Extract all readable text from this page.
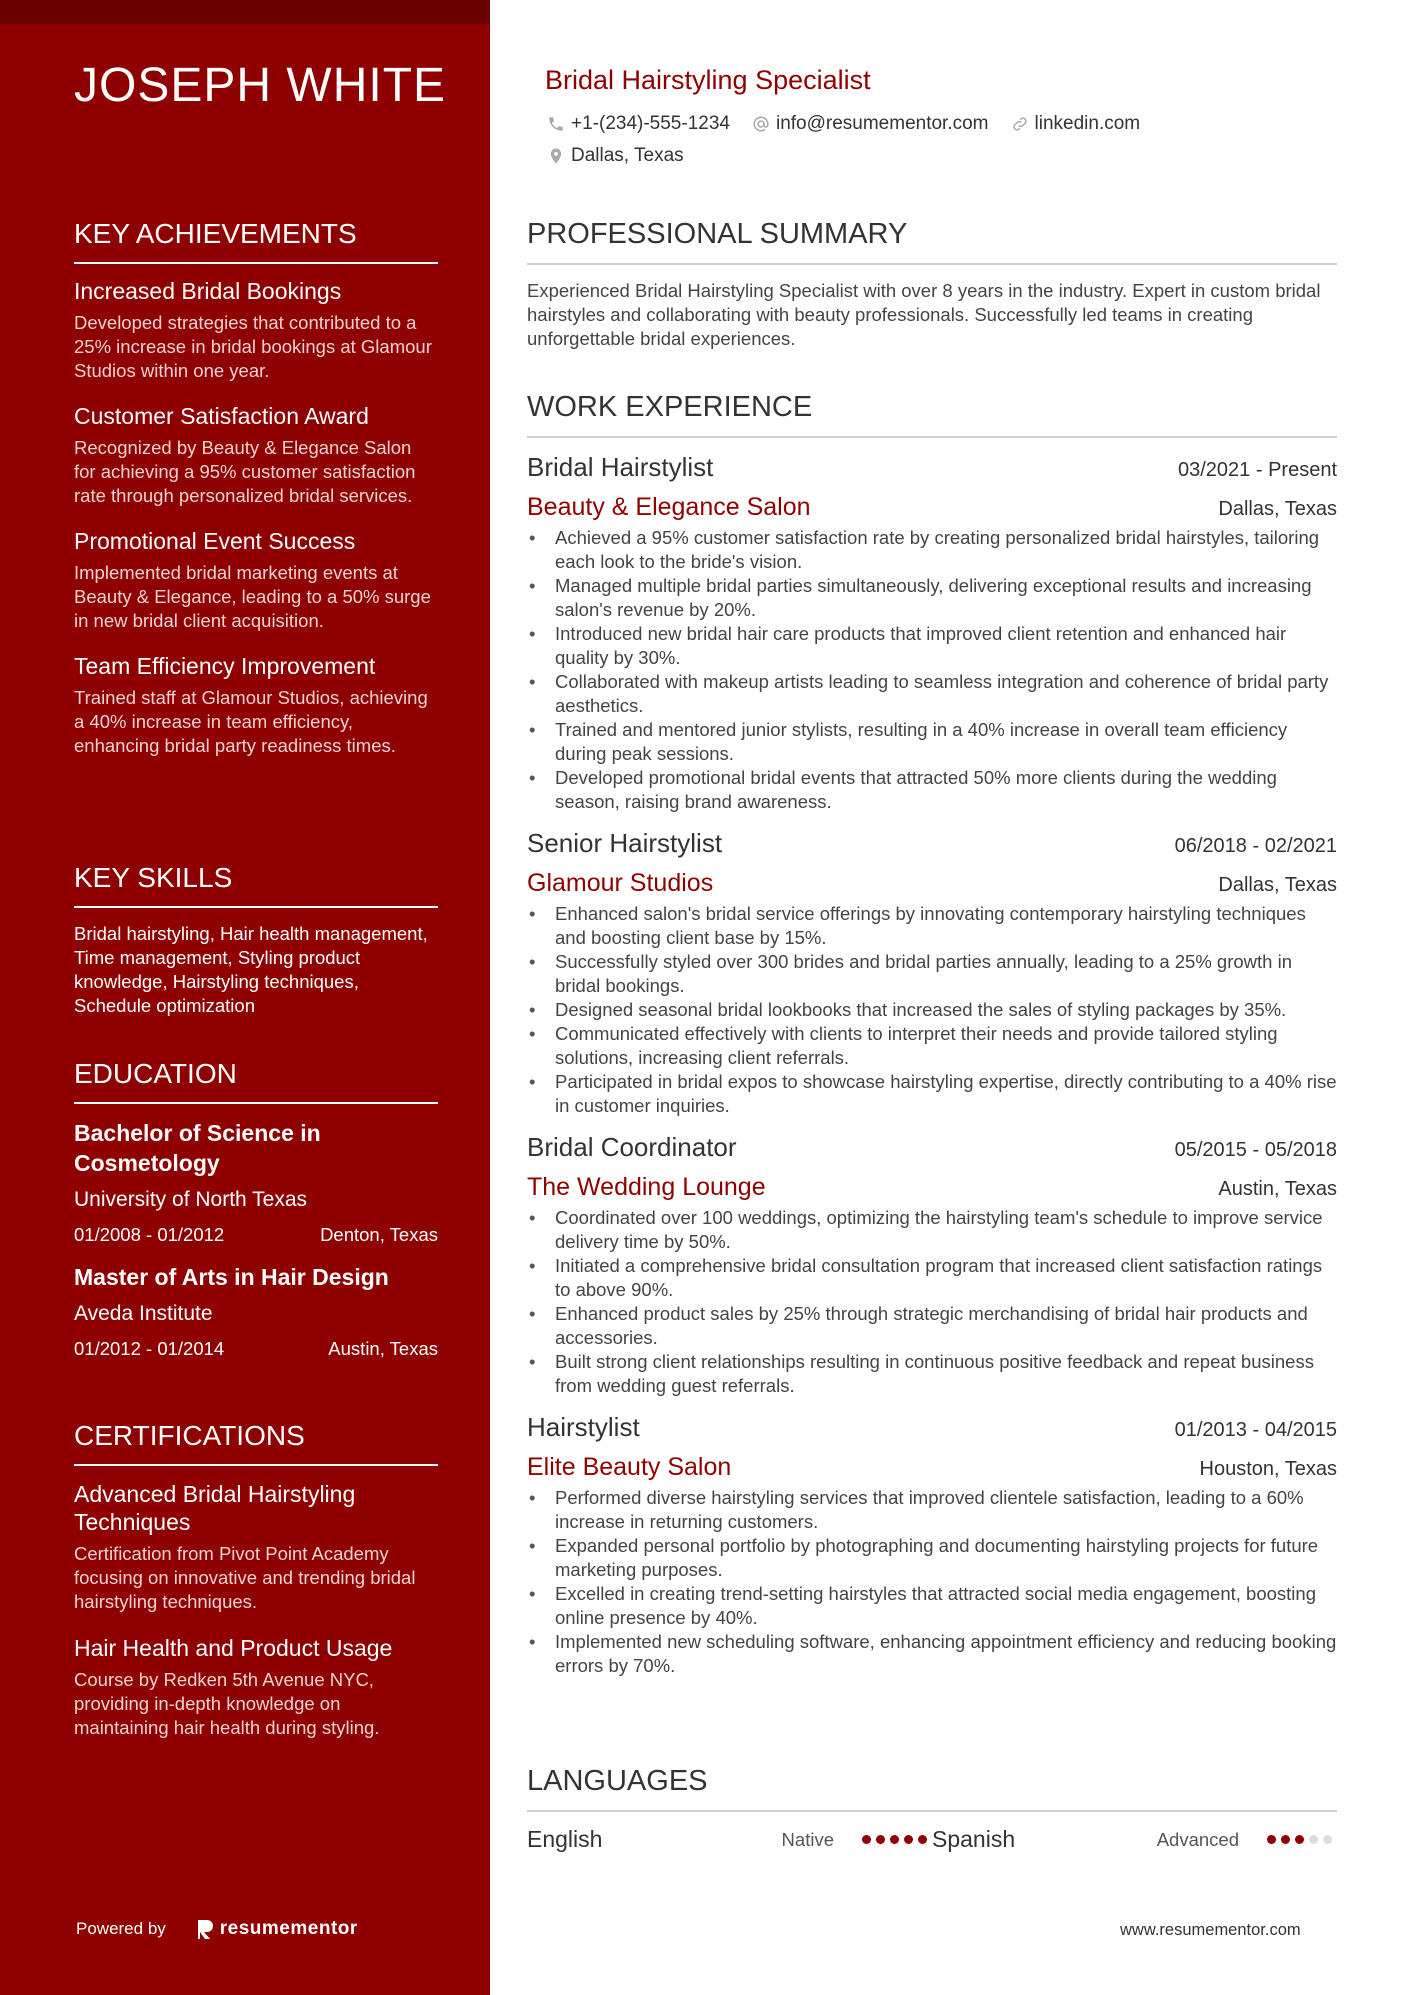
JOSEPH WHITE
KEY ACHIEVEMENTS
Increased Bridal Bookings
Developed strategies that contributed to a 25% increase in bridal bookings at Glamour Studios within one year.
Customer Satisfaction Award
Recognized by Beauty & Elegance Salon for achieving a 95% customer satisfaction rate through personalized bridal services.
Promotional Event Success
Implemented bridal marketing events at Beauty & Elegance, leading to a 50% surge in new bridal client acquisition.
Team Efficiency Improvement
Trained staff at Glamour Studios, achieving a 40% increase in team efficiency, enhancing bridal party readiness times.
KEY SKILLS
Bridal hairstyling, Hair health management, Time management, Styling product knowledge, Hairstyling techniques, Schedule optimization
EDUCATION
Bachelor of Science in Cosmetology
University of North Texas
01/2008 - 01/2012	Denton, Texas
Master of Arts in Hair Design
Aveda Institute
01/2012 - 01/2014	Austin, Texas
CERTIFICATIONS
Advanced Bridal Hairstyling Techniques
Certification from Pivot Point Academy focusing on innovative and trending bridal hairstyling techniques.
Hair Health and Product Usage
Course by Redken 5th Avenue NYC, providing in-depth knowledge on maintaining hair health during styling.
Powered by	resumementor
Bridal Hairstyling Specialist
+1-(234)-555-1234 info@resumementor.com linkedin.com
Dallas, Texas
PROFESSIONAL SUMMARY
Experienced Bridal Hairstyling Specialist with over 8 years in the industry. Expert in custom bridal hairstyles and collaborating with beauty professionals. Successfully led teams in creating unforgettable bridal experiences.
WORK EXPERIENCE
Bridal Hairstylist	03/2021 - Present
Beauty & Elegance Salon	Dallas, Texas
• Achieved a 95% customer satisfaction rate by creating personalized bridal hairstyles, tailoring each look to the bride's vision.
• Managed multiple bridal parties simultaneously, delivering exceptional results and increasing salon's revenue by 20%.
• Introduced new bridal hair care products that improved client retention and enhanced hair quality by 30%.
• Collaborated with makeup artists leading to seamless integration and coherence of bridal party aesthetics.
• Trained and mentored junior stylists, resulting in a 40% increase in overall team efficiency during peak sessions.
• Developed promotional bridal events that attracted 50% more clients during the wedding season, raising brand awareness.
Senior Hairstylist	06/2018 - 02/2021
Glamour Studios	Dallas, Texas
• Enhanced salon's bridal service offerings by innovating contemporary hairstyling techniques and boosting client base by 15%.
• Successfully styled over 300 brides and bridal parties annually, leading to a 25% growth in bridal bookings.
• Designed seasonal bridal lookbooks that increased the sales of styling packages by 35%.
• Communicated effectively with clients to interpret their needs and provide tailored styling solutions, increasing client referrals.
• Participated in bridal expos to showcase hairstyling expertise, directly contributing to a 40% rise in customer inquiries.
Bridal Coordinator	05/2015 - 05/2018
The Wedding Lounge	Austin, Texas
• Coordinated over 100 weddings, optimizing the hairstyling team's schedule to improve service delivery time by 50%.
• Initiated a comprehensive bridal consultation program that increased client satisfaction ratings to above 90%.
• Enhanced product sales by 25% through strategic merchandising of bridal hair products and accessories.
• Built strong client relationships resulting in continuous positive feedback and repeat business from wedding guest referrals.
Hairstylist	01/2013 - 04/2015
Elite Beauty Salon	Houston, Texas
• Performed diverse hairstyling services that improved clientele satisfaction, leading to a 60% increase in returning customers.
• Expanded personal portfolio by photographing and documenting hairstyling projects for future marketing purposes.
• Excelled in creating trend-setting hairstyles that attracted social media engagement, boosting online presence by 40%.
• Implemented new scheduling software, enhancing appointment efficiency and reducing booking errors by 70%.
LANGUAGES
English	Native	Spanish	Advanced
www.resumementor.com
